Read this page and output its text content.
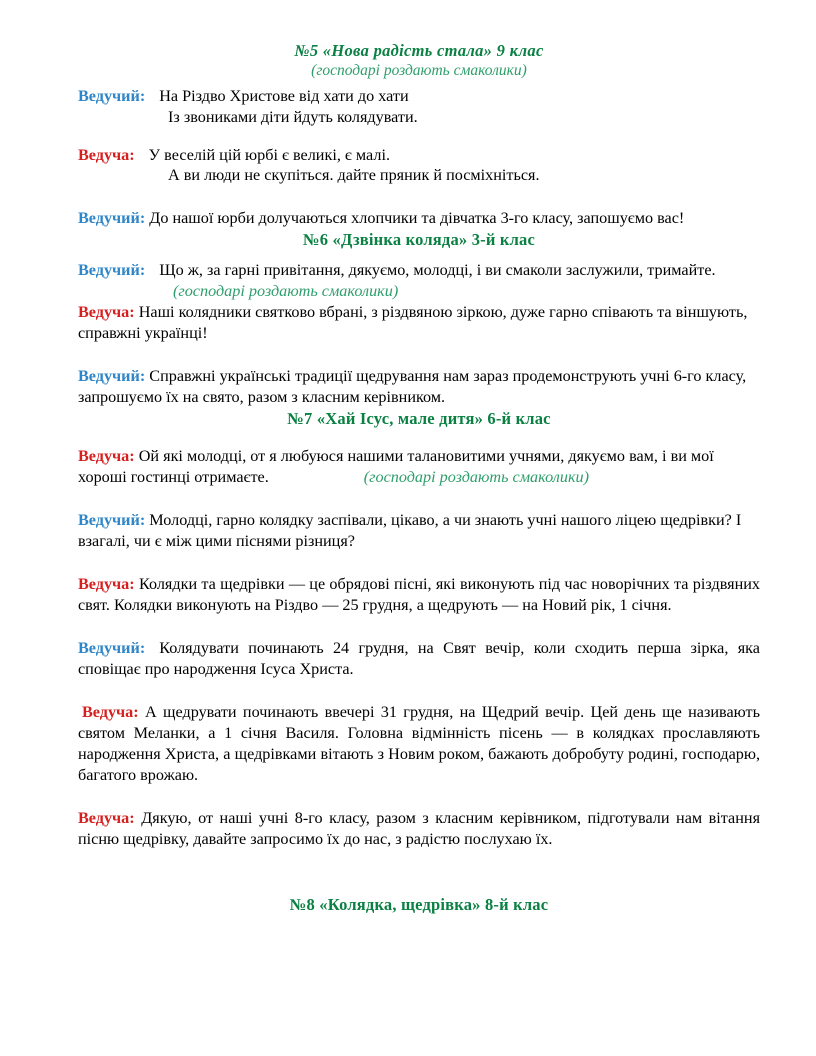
№5 «Нова радість стала» 9 клас
(господарі роздають смаколики)

Ведучий: На Різдво Христове від хати до хати

Із звониками діти йдуть колядувати.

Ведуча: У веселій цій юрбі є великі, є малі.

А ви люди не скупіться. дайте пряник й посміхніться.

Ведучий: До нашої юрби долучаються хлопчики та дівчатка 3-го класу, запошуємо вас!

№6 «Дзвінка коляда» 3-й клас

Ведучий: Що ж, за гарні привітання, дякуємо, молодці, і ви смаколи заслужили, тримайте.(господарі роздають смаколики)

Ведуча: Наші колядники святково вбрані, з різдвяною зіркою, дуже гарно співають та віншують, справжні українці!

Ведучий: Справжні українські традиції щедрування нам зараз продемонструють учні 6-го класу, запрошуємо їх на свято, разом з класним керівником.

№7 «Хай Ісус, мале дитя» 6-й клас

Ведуча: Ой які молодці, от я любуюся нашими талановитими учнями, дякуємо вам, і ви мої хороші гостинці отримаєте.	(господарі роздають смаколики)

Ведучий: Молодці, гарно колядку заспівали, цікаво, а чи знають учні нашого ліцею щедрівки? І взагалі, чи є між цими піснями різниця?

Ведуча: Колядки та щедрівки — це обрядові пісні, які виконують під час новорічних та різдвяних свят. Колядки виконують на Різдво — 25 грудня, а щедрують — на Новий рік, 1 січня.

Ведучий: Колядувати починають 24 грудня, на Свят вечір, коли сходить перша зірка, яка сповіщає про народження Ісуса Христа.

Ведуча: А щедрувати починають ввечері 31 грудня, на Щедрий вечір. Цей день ще називають святом Меланки, а 1 січня Василя. Головна відмінність пісень — в колядках прославляють народження Христа, а щедрівками вітають з Новим роком, бажають добробуту родині, господарю, багатого врожаю.

Ведуча: Дякую, от наші учні 8-го класу, разом з класним керівником, підготували нам вітання пісню щедрівку, давайте запросимо їх до нас, з радістю послухаю їх.

№8 «Колядка, щедрівка» 8-й клас
